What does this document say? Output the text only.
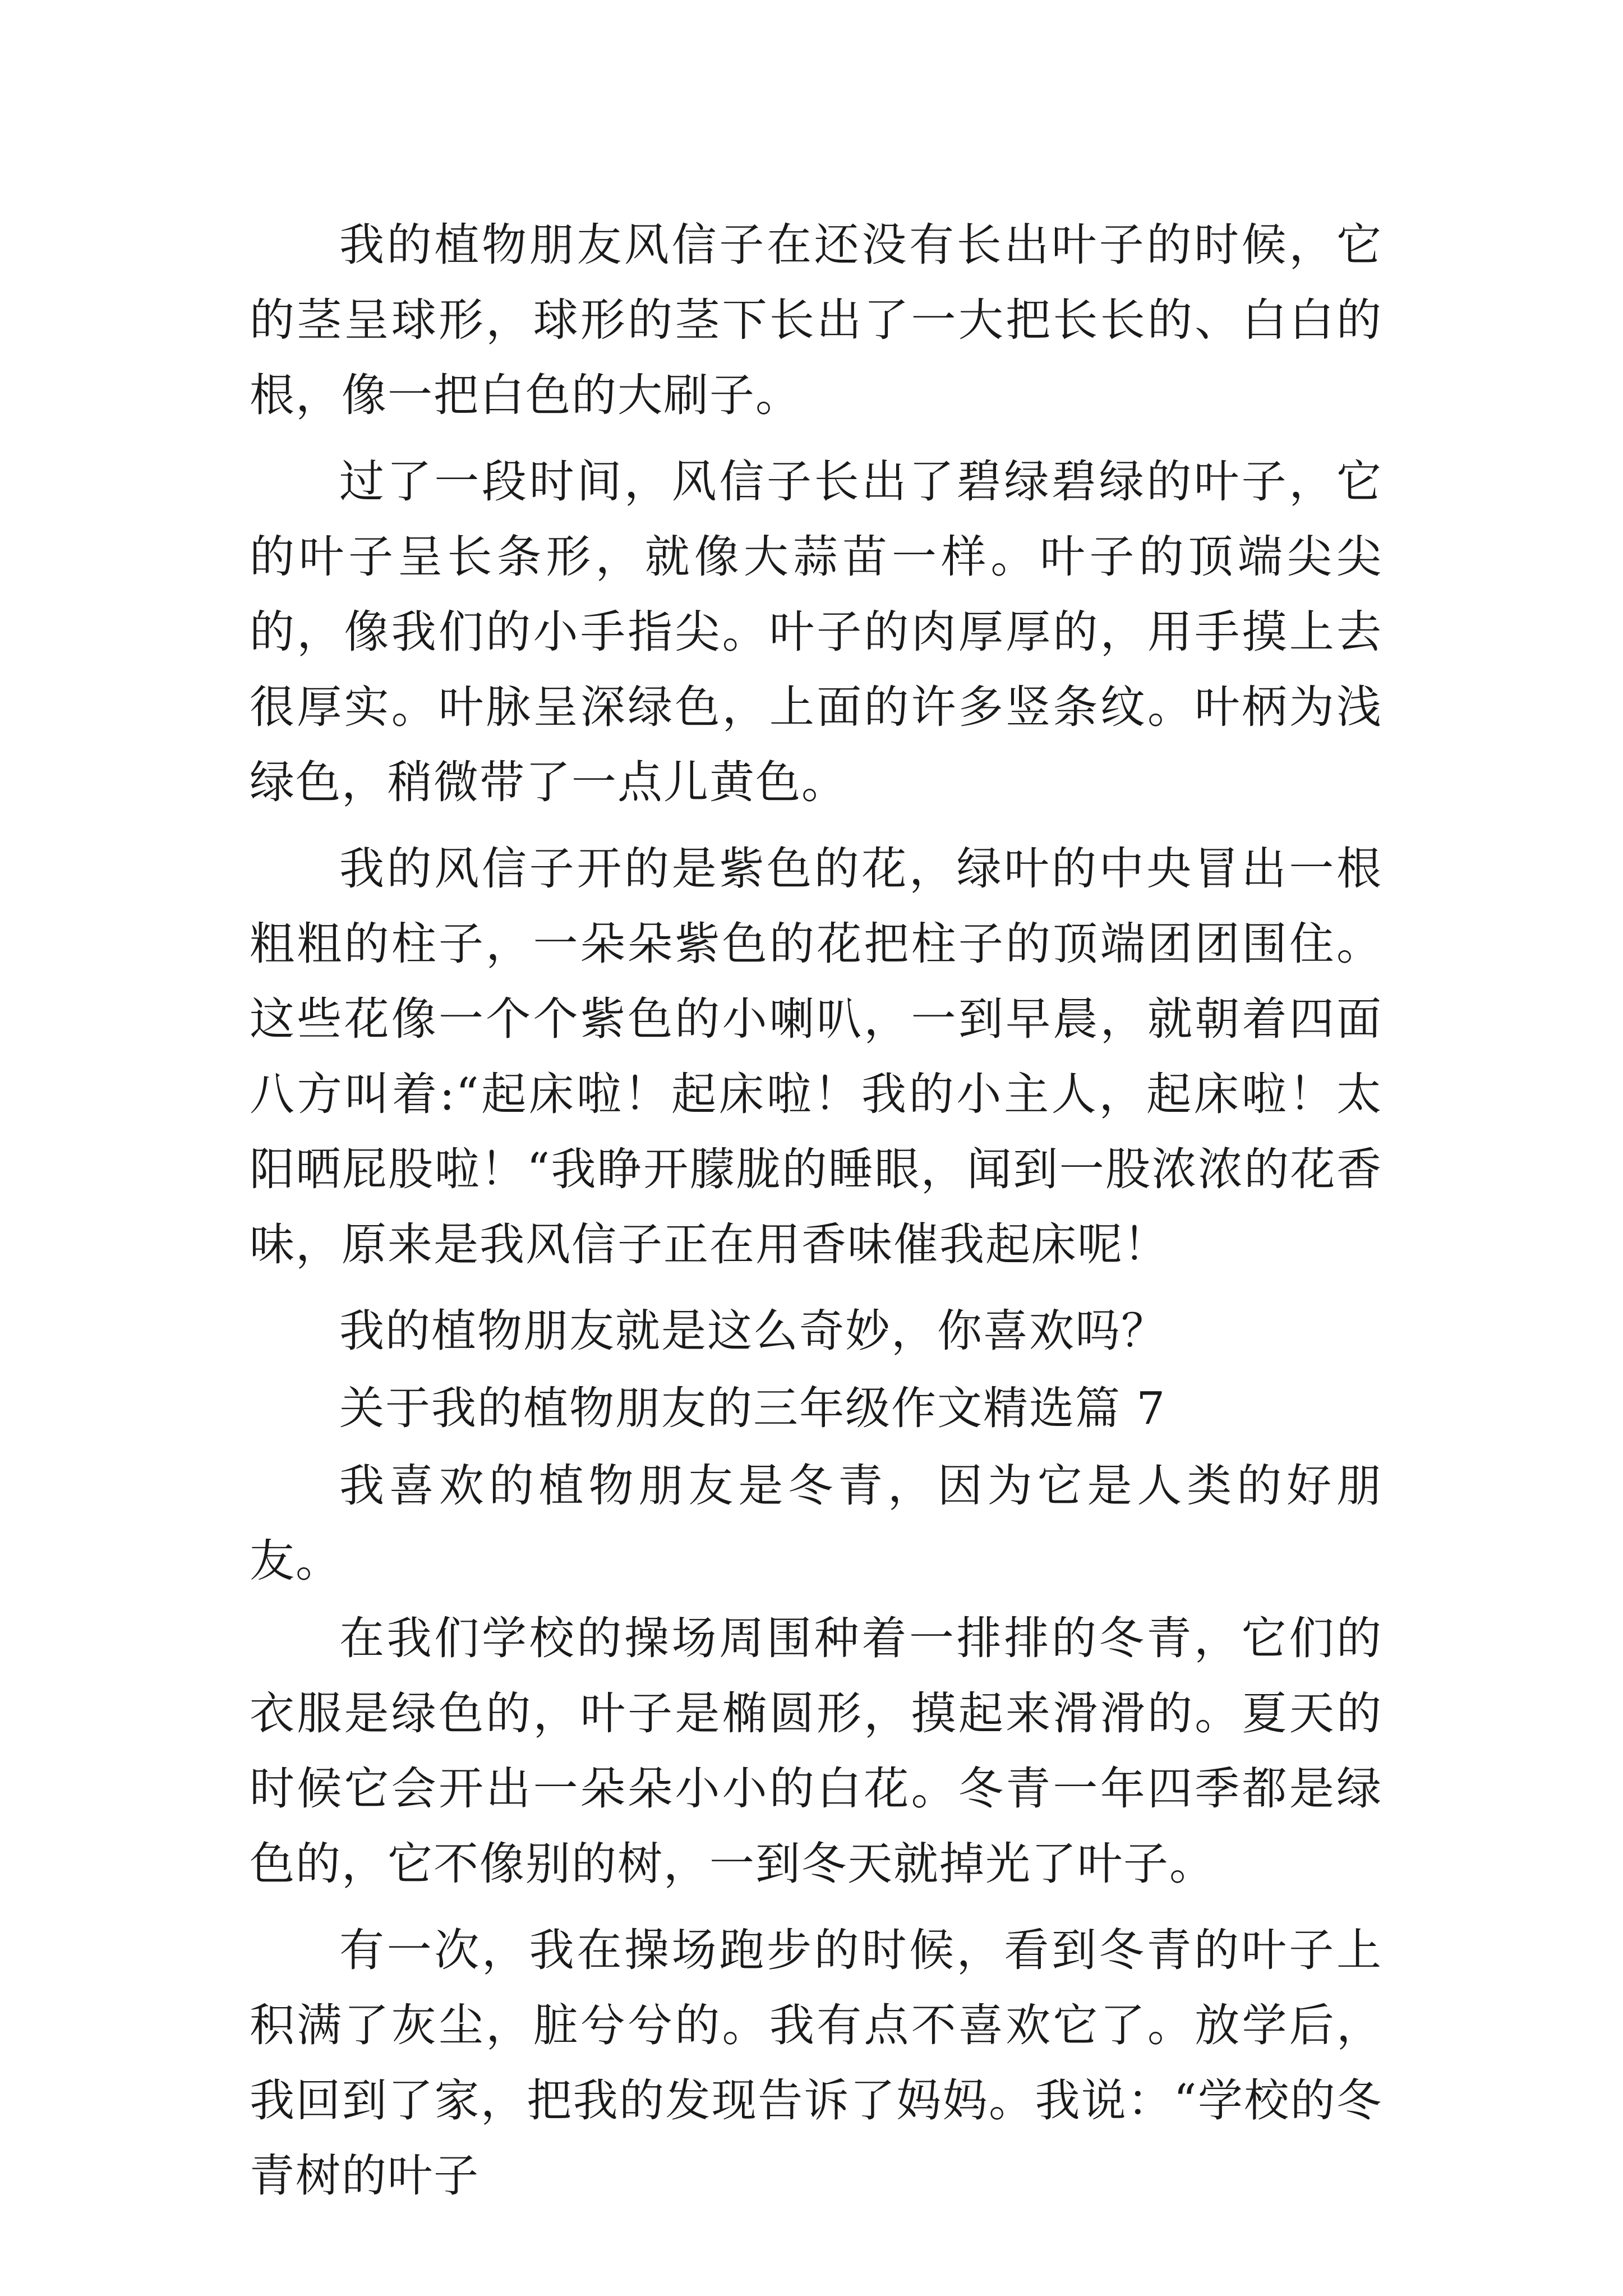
我的植物朋友风信子在还没有长出叶子的时候，它的茎呈球形，球形的茎下长出了一大把长长的、白白的根，像一把白色的大刷子。

过了一段时间，风信子长出了碧绿碧绿的叶子，它的叶子呈长条形，就像大蒜苗一样。叶子的顶端尖尖的，像我们的小手指尖。叶子的肉厚厚的，用手摸上去很厚实。叶脉呈深绿色，上面的许多竖条纹。叶柄为浅绿色，稍微带了一点儿黄色。

我的风信子开的是紫色的花，绿叶的中央冒出一根粗粗的柱子，一朵朵紫色的花把柱子的顶端团团围住。这些花像一个个紫色的小喇叭，一到早晨，就朝着四面八方叫着:“起床啦！起床啦！我的小主人，起床啦！太阳晒屁股啦！“我睁开朦胧的睡眼，闻到一股浓浓的花香味，原来是我风信子正在用香味催我起床呢！

我的植物朋友就是这么奇妙，你喜欢吗？

关于我的植物朋友的三年级作文精选篇 7

我喜欢的植物朋友是冬青，因为它是人类的好朋友。

在我们学校的操场周围种着一排排的冬青，它们的衣服是绿色的，叶子是椭圆形，摸起来滑滑的。夏天的时候它会开出一朵朵小小的白花。冬青一年四季都是绿色的，它不像别的树，一到冬天就掉光了叶子。

有一次，我在操场跑步的时候，看到冬青的叶子上积满了灰尘，脏兮兮的。我有点不喜欢它了。放学后，我回到了家，把我的发现告诉了妈妈。我说：“学校的冬青树的叶子
